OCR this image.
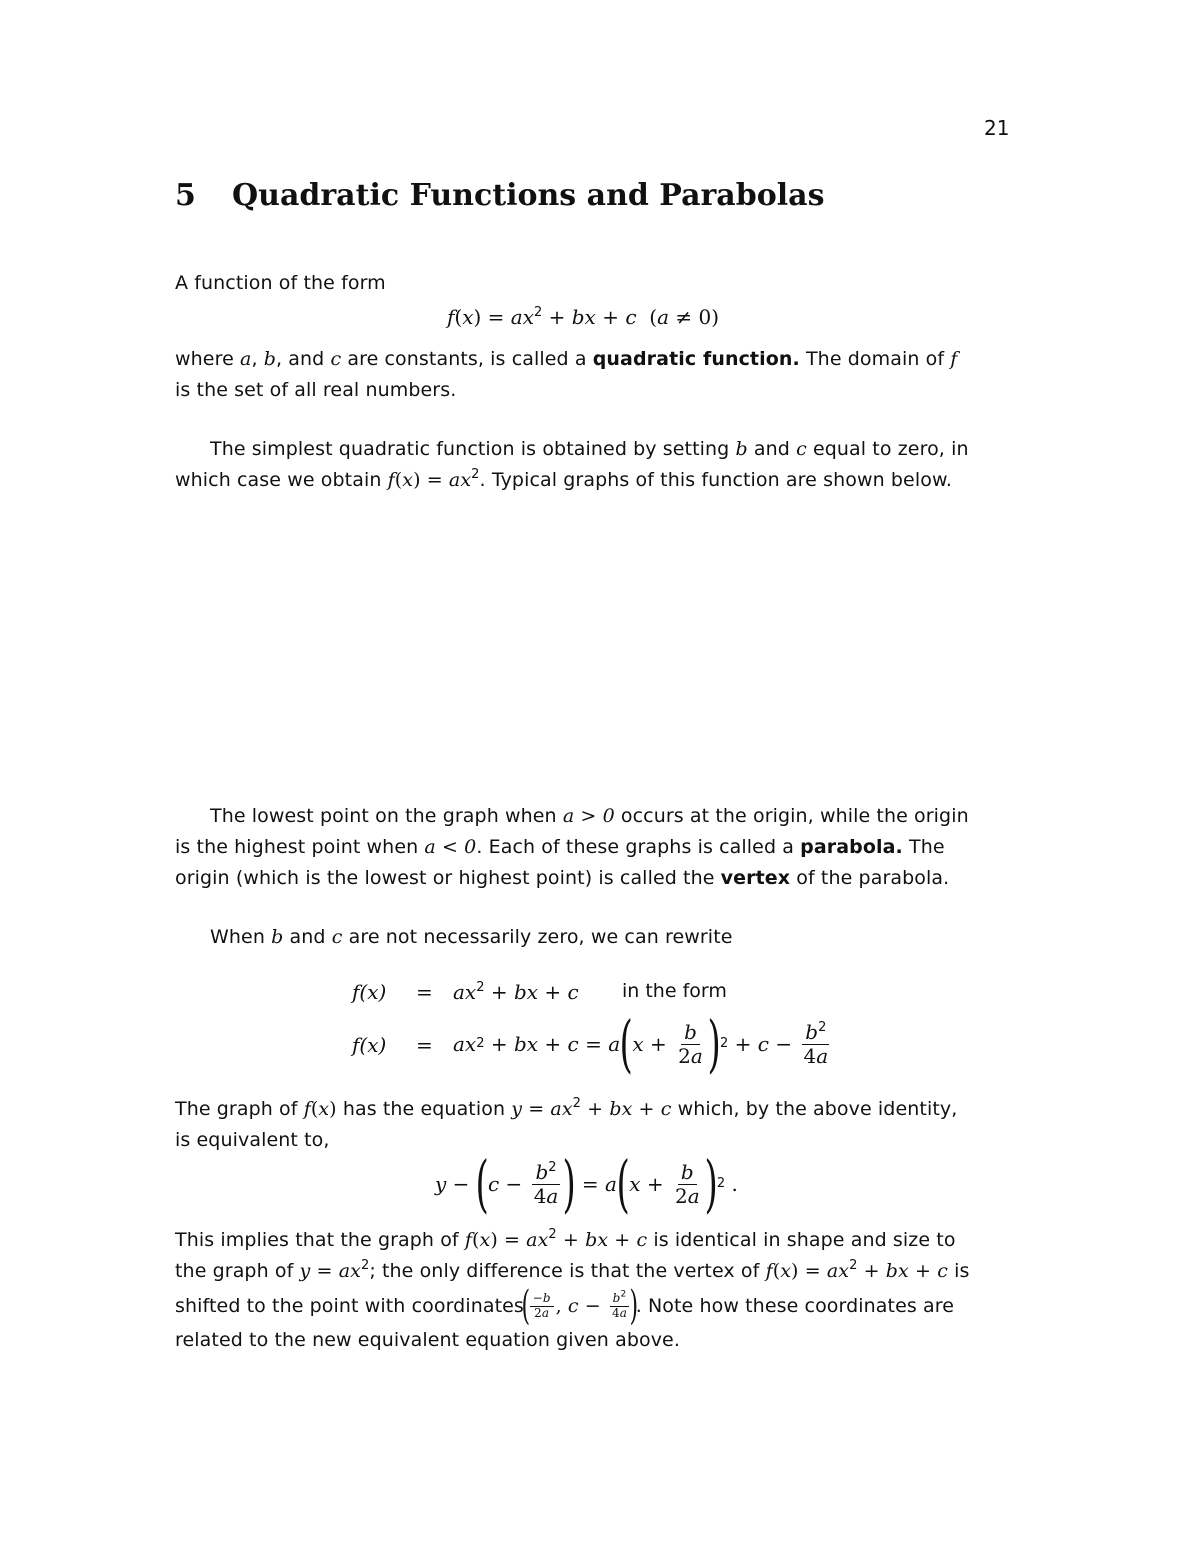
21
5 Quadratic Functions and Parabolas
A function of the form
$f(x) = ax^2$ + bx + c  (a ≠ 0)
where a, b, and c are constants, is called a quadratic function. The domain of f
is the set of all real numbers.
The simplest quadratic function is obtained by setting b and c equal to zero, in
which case we obtain $f(x) = ax^2$. Typical graphs of this function are shown below.
The lowest point on the graph when a > 0 occurs at the origin, while the origin
is the highest point when a < 0. Each of these graphs is called a parabola. The
origin (which is the lowest or highest point) is called the vertex of the parabola.
When b and c are not necessarily zero, we can rewrite
$f(x) = ax^2$ + bx + c in the form
f(x) = ax 2 + bx + c = a ( $x + \frac{b}{2a}$ ) $2 + c - \frac{b^2}{4a}$
The graph of f(x) has the equation $y = ax^2$ + bx + c which, by the above identity,
is equivalent to,
y − ( $c - \frac{b^2}{4a}$ ) = a ( $x + \frac{b}{2a}$ ) 2 .
This implies that the graph of $f(x) = ax^2$ + bx + c is identical in shape and size to
the graph of $y = ax^2$; the only difference is that the vertex of $f(x) = ax^2$ + bx + c is
shifted to the point with coordinates
( $\frac{-b}{2a}$ , $c - \frac{b^2}{4a}$ )
. Note how these coordinates are
related to the new equivalent equation given above.
